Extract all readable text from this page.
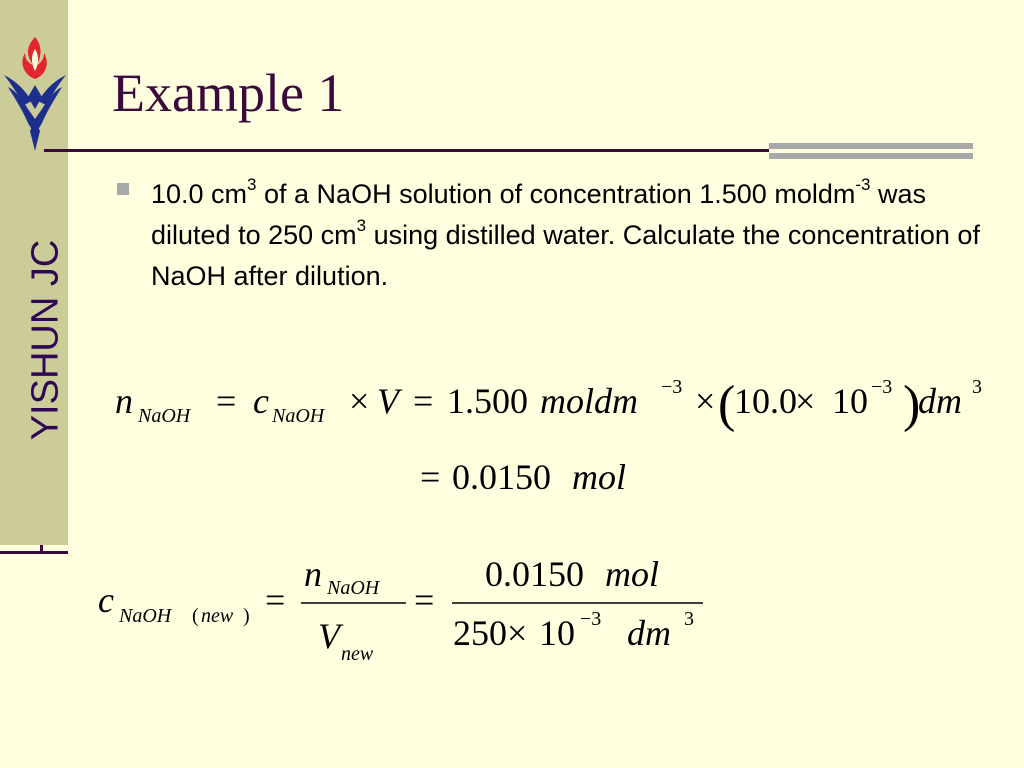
YISHUN JC
Example 1

10.0 $cm^3$ of a NaOH solution of concentration 1.500 moldm$^{-3}$ was diluted to 250 $cm^3$ using distilled water. Calculate the concentration of NaOH after dilution.

n NaOH = c NaOH × V = 1.500 moldm −3 × (
10.0
× 10 −3 )
dm 3
= 0.0150 mol
c NaOH ( new ) =
n NaOH
V new
=
0.0150 mol
250 × 10 −3 dm 3
